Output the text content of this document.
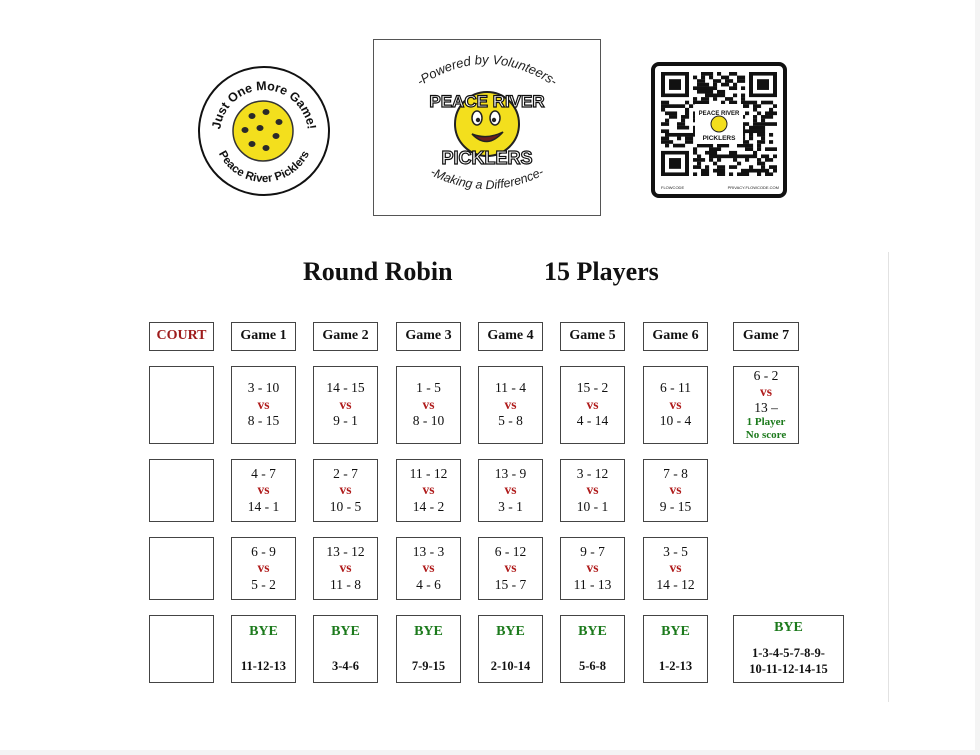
Just One More Game!
Peace River Picklers
-Powered by Volunteers-
-Making a Difference-
PEACE RIVER
PICKLERS
PEACE RIVER
PICKLERS
FLOWCODE	PRIVACY.FLOWCODE.COM
Round Robin	15 Players
COURT Game 1
3 - 10
vs
8 - 15
4 - 7
vs
14 - 1
6 - 9
vs
5 - 2
BYE
11-12-13
Game 2
14 - 15
vs
9 - 1
2 - 7
vs
10 - 5
13 - 12
vs
11 - 8
BYE
3-4-6
Game 3
1 - 5
vs
8 - 10
11 - 12
vs
14 - 2
13 - 3
vs
4 - 6
BYE
7-9-15
Game 4
11 - 4
vs
5 - 8
13 - 9
vs
3 - 1
6 - 12
vs
15 - 7
BYE
2-10-14
Game 5
15 - 2
vs
4 - 14
3 - 12
vs
10 - 1
9 - 7
vs
11 - 13
BYE
5-6-8
Game 6
6 - 11
vs
10 - 4
7 - 8
vs
9 - 15
3 - 5
vs
14 - 12
BYE
1-2-13
Game 7
6 - 2
vs
13 –
1 Player
No score
BYE
1-3-4-5-7-8-9-
10-11-12-14-15
